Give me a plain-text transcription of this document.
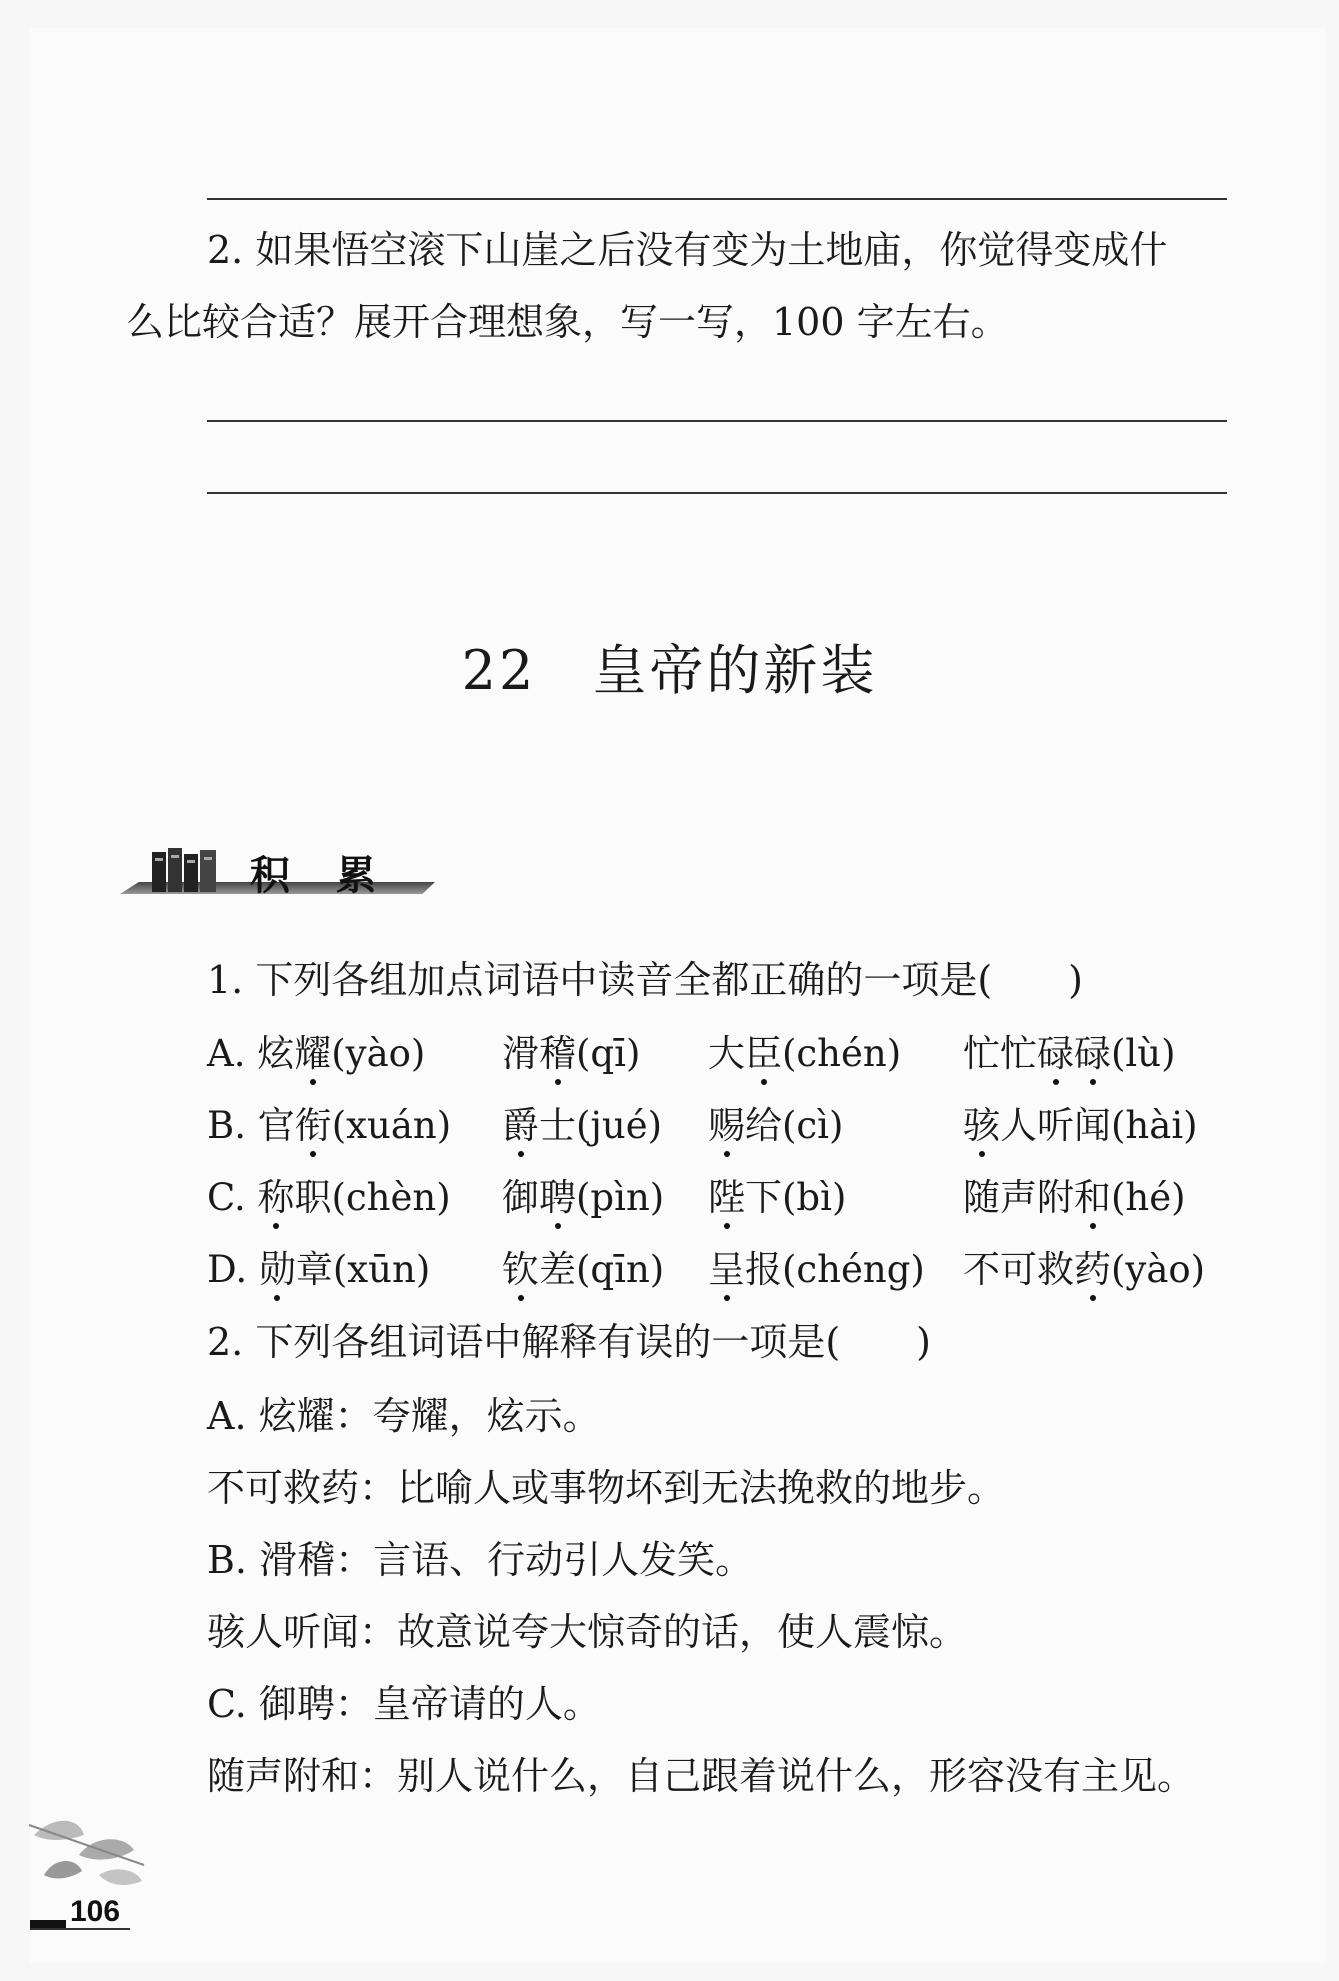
2. 如果悟空滚下山崖之后没有变为土地庙，你觉得变成什
么比较合适？展开合理想象，写一写，100 字左右。
22 皇帝的新装
积累
1. 下列各组加点词语中读音全都正确的一项是(　　)
A. 炫耀(yào) 滑稽(qī) 大臣(chén) 忙忙碌碌(lù)
B. 官衔(xuán) 爵士(jué) 赐给(cì)	骇人听闻(hài)
C. 称职(chèn) 御聘(pìn) 陛下(bì)	随声附和(hé)
D. 勋章(xūn) 钦差(qīn) 呈报(chéng) 不可救药(yào)
2. 下列各组词语中解释有误的一项是(　　)
A. 炫耀：夸耀，炫示。
不可救药：比喻人或事物坏到无法挽救的地步。
B. 滑稽：言语、行动引人发笑。
骇人听闻：故意说夸大惊奇的话，使人震惊。
C. 御聘：皇帝请的人。
随声附和：别人说什么，自己跟着说什么，形容没有主见。
106
